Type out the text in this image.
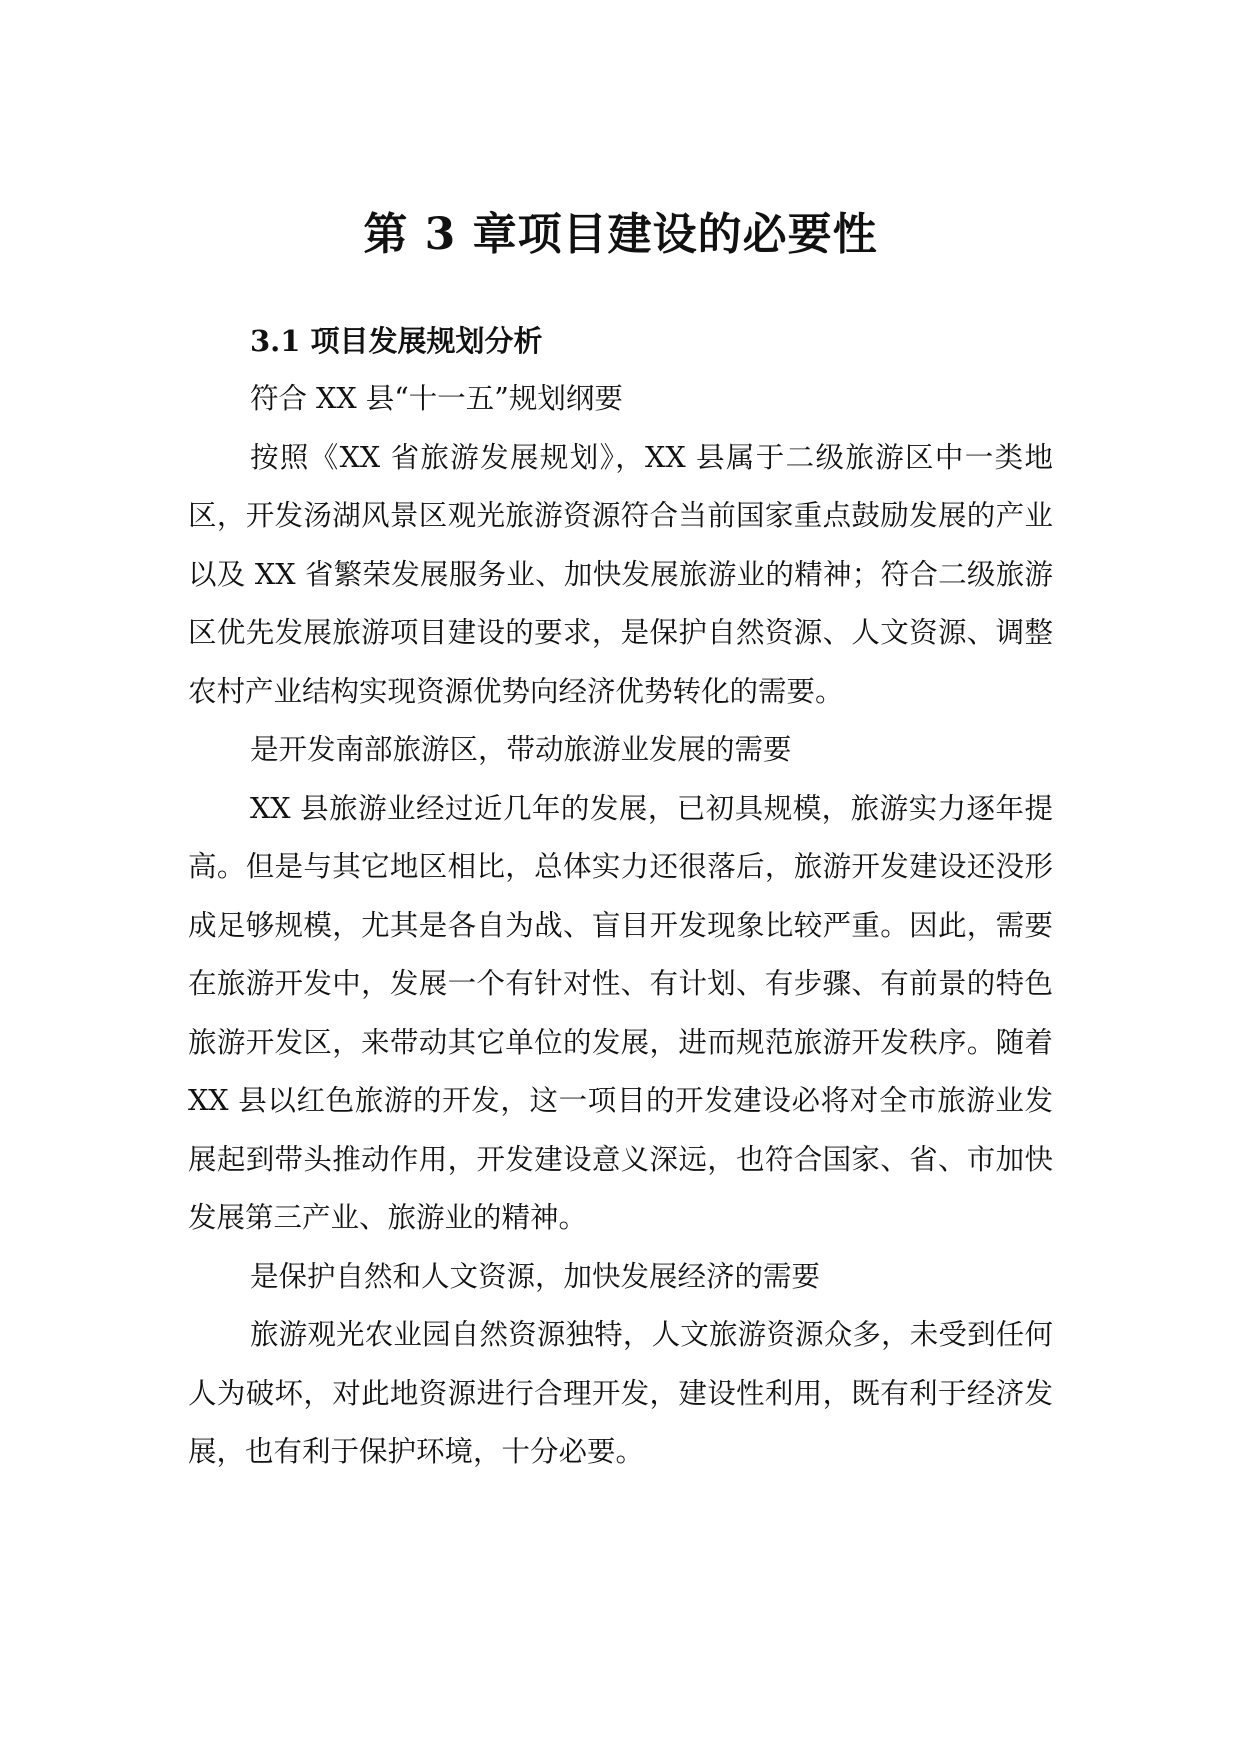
第 3 章项目建设的必要性
3.1 项目发展规划分析

符合 XX 县“十一五”规划纲要

按照《XX 省旅游发展规划》，XX 县属于二级旅游区中一类地区，开发汤湖风景区观光旅游资源符合当前国家重点鼓励发展的产业以及 XX 省繁荣发展服务业、加快发展旅游业的精神；符合二级旅游区优先发展旅游项目建设的要求，是保护自然资源、人文资源、调整农村产业结构实现资源优势向经济优势转化的需要。

是开发南部旅游区，带动旅游业发展的需要

XX 县旅游业经过近几年的发展，已初具规模，旅游实力逐年提高。但是与其它地区相比，总体实力还很落后，旅游开发建设还没形成足够规模，尤其是各自为战、盲目开发现象比较严重。因此，需要在旅游开发中，发展一个有针对性、有计划、有步骤、有前景的特色旅游开发区，来带动其它单位的发展，进而规范旅游开发秩序。随着 XX 县以红色旅游的开发，这一项目的开发建设必将对全市旅游业发展起到带头推动作用，开发建设意义深远，也符合国家、省、市加快发展第三产业、旅游业的精神。

是保护自然和人文资源，加快发展经济的需要

旅游观光农业园自然资源独特，人文旅游资源众多，未受到任何人为破坏，对此地资源进行合理开发，建设性利用，既有利于经济发展，也有利于保护环境，十分必要。
